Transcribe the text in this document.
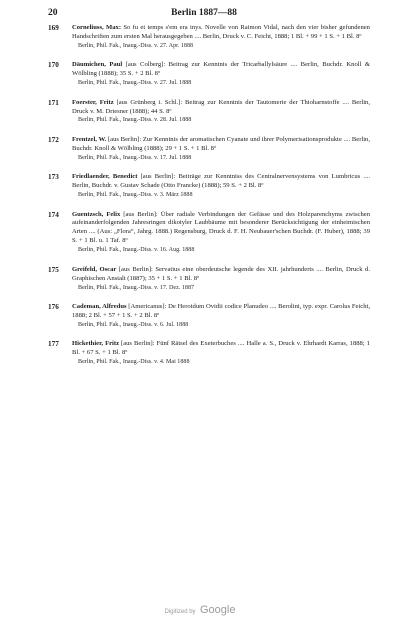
20	Berlin 1887—88
169	Corneliuss, Max: So fu et temps s'em era inys. Novelle von Raimon Vidal, nach den vier bisher gefundenen Handschriften zum ersten Mal herausgegeben .... Berlin, Druck v. C. Feicht, 1888; 1 Bl. + 99 + 1 S. + 1 Bl. 8º
Berlin, Phil. Fak., Inaug.-Diss. v. 27. Apr. 1888
170	Däumichen, Paul [aus Colberg]: Beitrag zur Kenntnis der Tricarballylsäure .... Berlin, Buchdr. Knoll & Wölbling (1888); 35 S. + 2 Bl. 8º
Berlin, Phil. Fak., Inaug.-Diss. v. 27. Jul. 1888
171	Foerster, Fritz [aus Grünberg i. Schl.]: Beitrag zur Kenntnis der Tautomerie der Thioharnstoffe .... Berlin, Druck v. M. Driesner (1888); 44 S. 8º
Berlin, Phil. Fak., Inaug.-Diss. v. 28. Jul. 1888
172	Frentzel, W. [aus Berlin]: Zur Kenntnis der aromatischen Cyanate und ihrer Polymerisationsprodukte .... Berlin, Buchdr. Knoll & Wölbling (1888); 29 + 1 S. + 1 Bl. 8º
Berlin, Phil. Fak., Inaug.-Diss. v. 17. Jul. 1888
173	Friedlaender, Benedict [aus Berlin]: Beiträge zur Kenntniss des Centralnervensystems von Lumbricus .... Berlin, Buchdr. v. Gustav Schade (Otto Francke) (1888); 59 S. + 2 Bl. 8º
Berlin, Phil. Fak., Inaug.-Diss. v. 3. März 1888
174	Guentzsch, Felix [aus Berlin]: Über radiale Verbindungen der Gefässe und des Holzparenchyms zwischen aufeinanderfolgenden Jahresringen dikotyler Laubbäume mit besonderer Berücksichtigung der einheimischen Arten .... (Aus: „Flora“, Jahrg. 1888.) Regensburg, Druck d. F. H. Neubauer'schen Buchdr. (F. Huber), 1888; 39 S. + 1 Bl. u. 1 Taf. 8º
Berlin, Phil. Fak., Inaug.-Diss. v. 16. Aug. 1888
175	Greifeld, Oscar [aus Berlin]: Servatius eine oberdeutsche legende des XII. jahrhunderts .... Berlin, Druck d. Graphischen Anstalt (1887); 35 + 1 S. + 1 Bl. 8º
Berlin, Phil. Fak., Inaug.-Diss. v. 17. Dez. 1887
176	Cademan, Alfredus [Americanus]: De Heroidum Ovidii codice Planudeo .... Berolini, typ. expr. Carolus Feicht, 1888; 2 Bl. + 57 + 1 S. + 2 Bl. 8º
Berlin, Phil. Fak., Inaug.-Diss. v. 6. Jul. 1888
177	Hickethier, Fritz [aus Berlin]: Fünf Rätsel des Exeterbuches .... Halle a. S., Druck v. Ehrhardt Karras, 1888; 1 Bl. + 67 S. + 1 Bl. 8º
Berlin, Phil. Fak., Inaug.-Diss. v. 4. Mai 1888
Digitized by Google
